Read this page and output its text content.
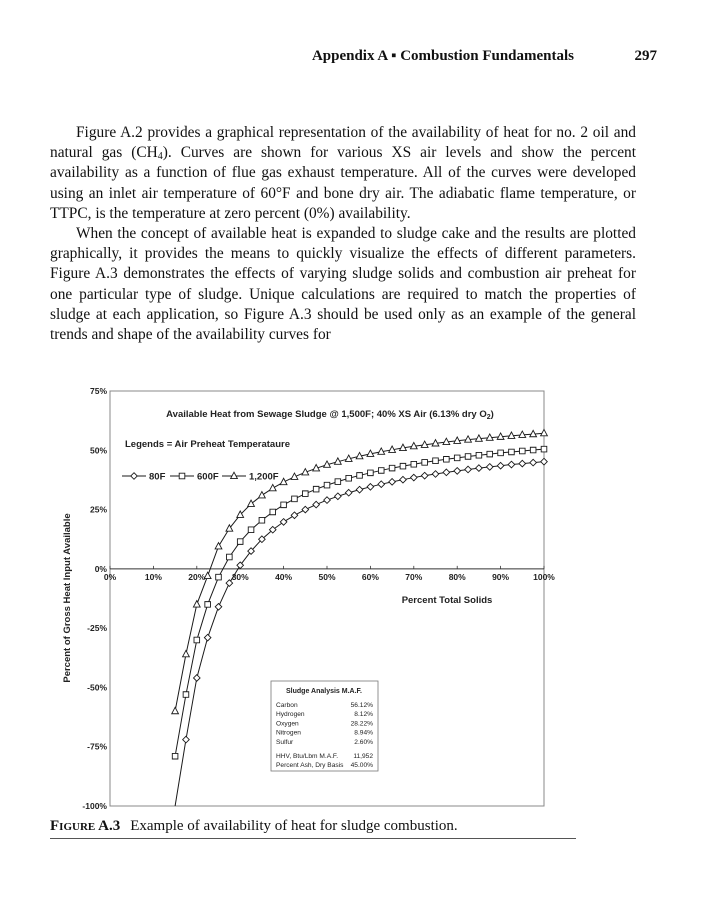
Appendix A ▪ Combustion Fundamentals	297

Figure A.2 provides a graphical representation of the availability of heat for no. 2 oil and natural gas $(CH_4)$. Curves are shown for various XS air levels and show the percent availability as a function of flue gas exhaust temperature. All of the curves were developed using an inlet air temperature of 60°F and bone dry air. The adiabatic flame temperature, or TTPC, is the temperature at zero percent (0%) availability.

When the concept of available heat is expanded to sludge cake and the results are plotted graphically, it provides the means to quickly visualize the effects of different parameters. Figure A.3 demonstrates the effects of varying sludge solids and combustion air preheat for one particular type of sludge. Unique calculations are required to match the properties of sludge at each application, so Figure A.3 should be used only as an example of the general trends and shape of the availability curves for

75%
50%
25%
0%
-25%
-50%
-75%
-100%
0%	10%	20%	30%	40%	50%	60%	70%	80%	90%	100%
Available Heat from Sewage Sludge @ 1,500F; 40% XS Air (6.13% dry $O_2$)
Legends = Air Preheat Temperataure
80F	600F	1,200F
Percent Total Solids
Percent of Gross Heat Input Available
Sludge Analysis M.A.F.
Carbon	56.12%
Hydrogen	8.12%
Oxygen	28.22%
Nitrogen	8.94%
Sulfur	2.60%
HHV, Btu/Lbm M.A.F. 11,952
Percent Ash, Dry Basis 45.00%
Figure A.3 Example of availability of heat for sludge combustion.
